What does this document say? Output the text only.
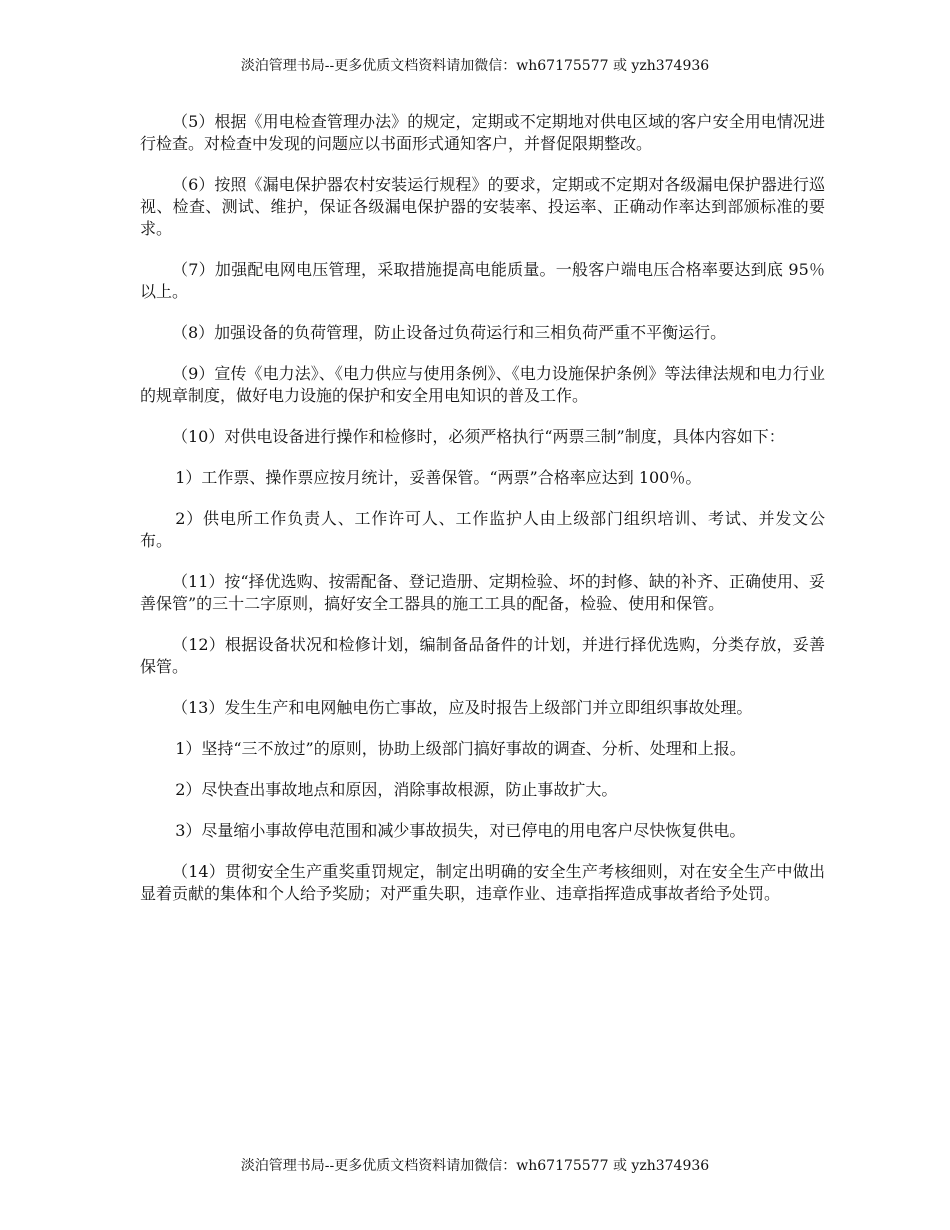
淡泊管理书局--更多优质文档资料请加微信：wh67175577 或 yzh374936

（5）根据《用电检查管理办法》的规定，定期或不定期地对供电区域的客户安全用电情况进行检查。对检查中发现的问题应以书面形式通知客户，并督促限期整改。

（6）按照《漏电保护器农村安装运行规程》的要求，定期或不定期对各级漏电保护器进行巡视、检查、测试、维护，保证各级漏电保护器的安装率、投运率、正确动作率达到部颁标准的要求。

（7）加强配电网电压管理，采取措施提高电能质量。一般客户端电压合格率要达到底 95％以上。

（8）加强设备的负荷管理，防止设备过负荷运行和三相负荷严重不平衡运行。

（9）宣传《电力法》、《电力供应与使用条例》、《电力设施保护条例》等法律法规和电力行业的规章制度，做好电力设施的保护和安全用电知识的普及工作。

（10）对供电设备进行操作和检修时，必须严格执行“两票三制”制度，具体内容如下：

1）工作票、操作票应按月统计，妥善保管。“两票”合格率应达到 100％。

2）供电所工作负责人、工作许可人、工作监护人由上级部门组织培训、考试、并发文公布。

（11）按“择优选购、按需配备、登记造册、定期检验、坏的封修、缺的补齐、正确使用、妥善保管”的三十二字原则，搞好安全工器具的施工工具的配备，检验、使用和保管。

（12）根据设备状况和检修计划，编制备品备件的计划，并进行择优选购，分类存放，妥善保管。

（13）发生生产和电网触电伤亡事故，应及时报告上级部门并立即组织事故处理。

1）坚持“三不放过”的原则，协助上级部门搞好事故的调查、分析、处理和上报。

2）尽快查出事故地点和原因，消除事故根源，防止事故扩大。

3）尽量缩小事故停电范围和减少事故损失，对已停电的用电客户尽快恢复供电。

（14）贯彻安全生产重奖重罚规定，制定出明确的安全生产考核细则，对在安全生产中做出显着贡献的集体和个人给予奖励；对严重失职，违章作业、违章指挥造成事故者给予处罚。

淡泊管理书局--更多优质文档资料请加微信：wh67175577 或 yzh374936
